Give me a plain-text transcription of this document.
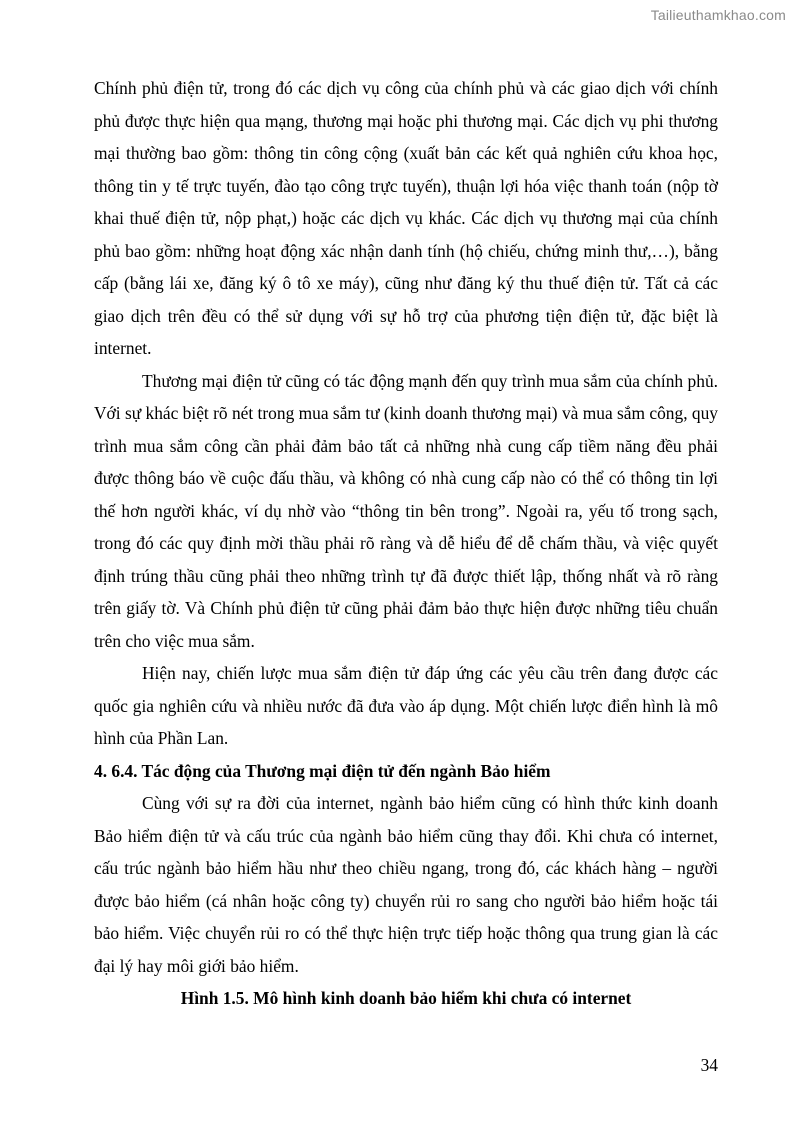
Tailieuthamkhao.com

Chính phủ điện tử, trong đó các dịch vụ công của chính phủ và các giao dịch với chính phủ được thực hiện qua mạng, thương mại hoặc phi thương mại. Các dịch vụ phi thương mại thường bao gồm: thông tin công cộng (xuất bản các kết quả nghiên cứu khoa học, thông tin y tế trực tuyến, đào tạo công trực tuyến), thuận lợi hóa việc thanh toán (nộp tờ khai thuế điện tử, nộp phạt,) hoặc các dịch vụ khác. Các dịch vụ thương mại của chính phủ bao gồm: những hoạt động xác nhận danh tính (hộ chiếu, chứng minh thư,…), bằng cấp (bằng lái xe, đăng ký ô tô xe máy), cũng như đăng ký thu thuế điện tử. Tất cả các giao dịch trên đều có thể sử dụng với sự hỗ trợ của phương tiện điện tử, đặc biệt là internet.

Thương mại điện tử cũng có tác động mạnh đến quy trình mua sắm của chính phủ. Với sự khác biệt rõ nét trong mua sắm tư (kinh doanh thương mại) và mua sắm công, quy trình mua sắm công cần phải đảm bảo tất cả những nhà cung cấp tiềm năng đều phải được thông báo về cuộc đấu thầu, và không có nhà cung cấp nào có thể có thông tin lợi thế hơn người khác, ví dụ nhờ vào “thông tin bên trong”. Ngoài ra, yếu tố trong sạch, trong đó các quy định mời thầu phải rõ ràng và dễ hiểu để dễ chấm thầu, và việc quyết định trúng thầu cũng phải theo những trình tự đã được thiết lập, thống nhất và rõ ràng trên giấy tờ. Và Chính phủ điện tử cũng phải đảm bảo thực hiện được những tiêu chuẩn trên cho việc mua sắm.

Hiện nay, chiến lược mua sắm điện tử đáp ứng các yêu cầu trên đang được các quốc gia nghiên cứu và nhiều nước đã đưa vào áp dụng. Một chiến lược điển hình là mô hình của Phần Lan.

4. 6.4. Tác động của Thương mại điện tử đến ngành Bảo hiểm

Cùng với sự ra đời của internet, ngành bảo hiểm cũng có hình thức kinh doanh Bảo hiểm điện tử và cấu trúc của ngành bảo hiểm cũng thay đổi. Khi chưa có internet, cấu trúc ngành bảo hiểm hầu như theo chiều ngang, trong đó, các khách hàng – người được bảo hiểm (cá nhân hoặc công ty) chuyển rủi ro sang cho người bảo hiểm hoặc tái bảo hiểm. Việc chuyển rủi ro có thể thực hiện trực tiếp hoặc thông qua trung gian là các đại lý hay môi giới bảo hiểm.

Hình 1.5. Mô hình kinh doanh bảo hiểm khi chưa có internet

34
